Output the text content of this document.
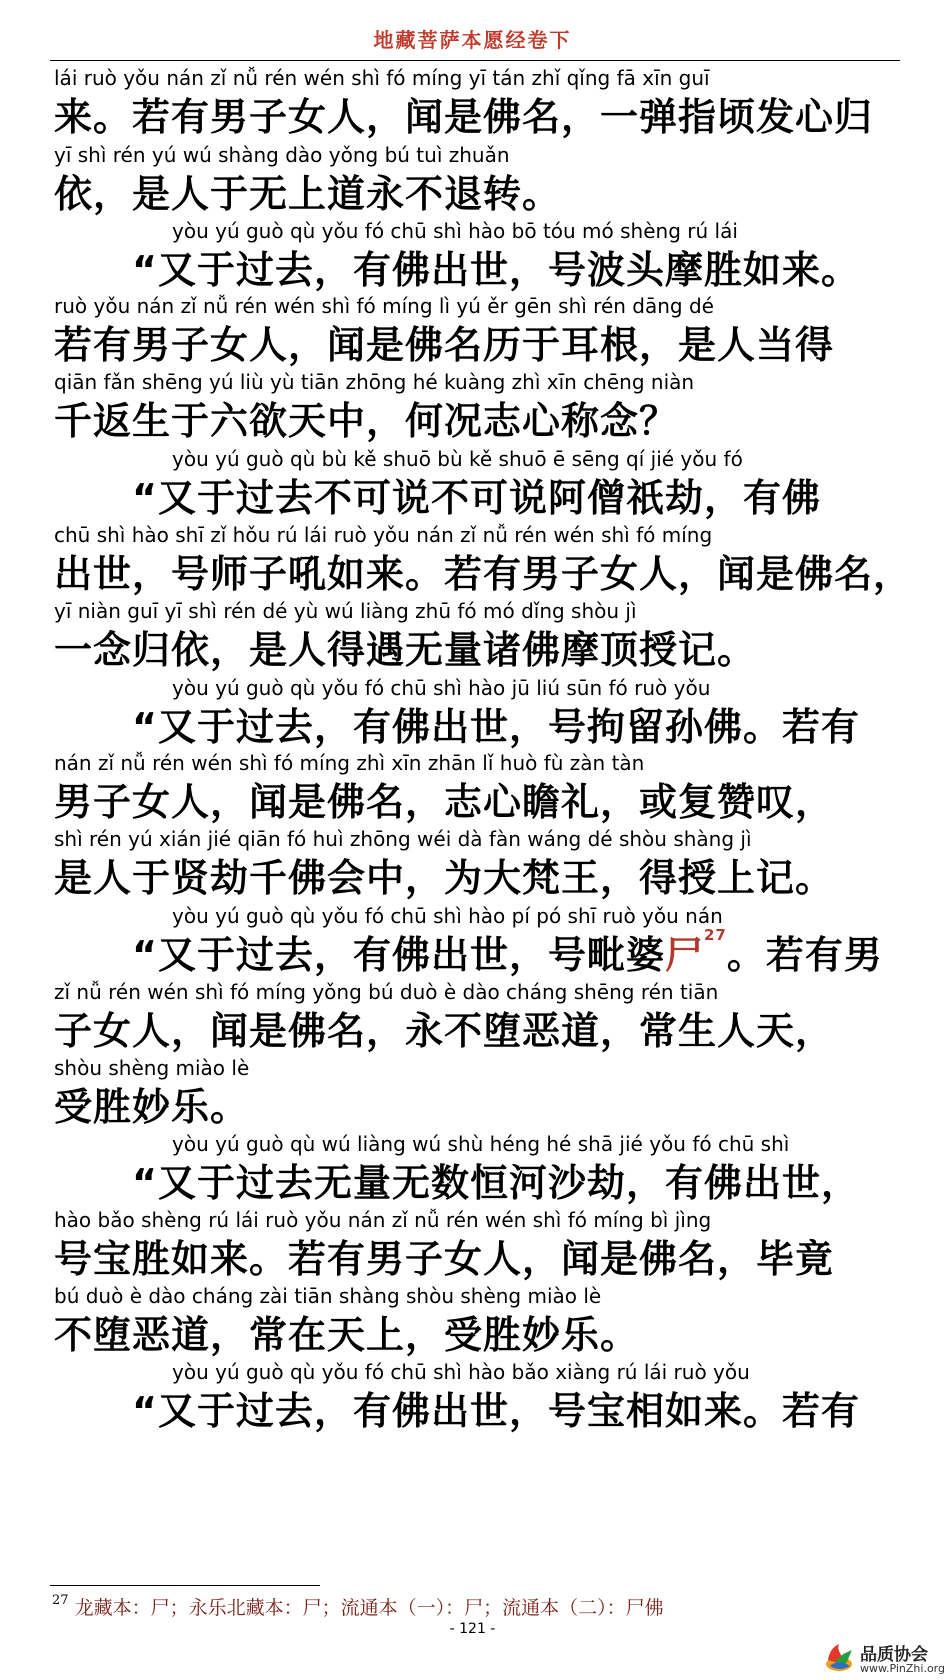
地藏菩萨本愿经卷下
lái ruò yǒu nán zǐ nǚ rén wén shì fó míng yī tán zhǐ qǐng fā xīn guī
来。若有男子女人，闻是佛名，一弹指顷发心归
yī shì rén yú wú shàng dào yǒng bú tuì zhuǎn
依，是人于无上道永不退转。
yòu yú guò qù yǒu fó chū shì hào bō tóu mó shèng rú lái
“又于过去，有佛出世，号波头摩胜如来。
ruò yǒu nán zǐ nǚ rén wén shì fó míng lì yú ěr gēn shì rén dāng dé
若有男子女人，闻是佛名历于耳根，是人当得
qiān fǎn shēng yú liù yù tiān zhōng hé kuàng zhì xīn chēng niàn
千返生于六欲天中，何况志心称念？
yòu yú guò qù bù kě shuō bù kě shuō ē sēng qí jié yǒu fó
“又于过去不可说不可说阿僧祇劫，有佛
chū shì hào shī zǐ hǒu rú lái ruò yǒu nán zǐ nǚ rén wén shì fó míng
出世，号师子吼如来。若有男子女人，闻是佛名，
yī niàn guī yī shì rén dé yù wú liàng zhū fó mó dǐng shòu jì
一念归依，是人得遇无量诸佛摩顶授记。
yòu yú guò qù yǒu fó chū shì hào jū liú sūn fó ruò yǒu
“又于过去，有佛出世，号拘留孙佛。若有
nán zǐ nǚ rén wén shì fó míng zhì xīn zhān lǐ huò fù zàn tàn
男子女人，闻是佛名，志心瞻礼，或复赞叹，
shì rén yú xián jié qiān fó huì zhōng wéi dà fàn wáng dé shòu shàng jì
是人于贤劫千佛会中，为大梵王，得授上记。
yòu yú guò qù yǒu fó chū shì hào pí pó shī ruò yǒu nán
“又于过去，有佛出世，号毗婆尸$^{27}$。若有男
zǐ nǚ rén wén shì fó míng yǒng bú duò è dào cháng shēng rén tiān
子女人，闻是佛名，永不堕恶道，常生人天，
shòu shèng miào lè
受胜妙乐。
yòu yú guò qù wú liàng wú shù héng hé shā jié yǒu fó chū shì
“又于过去无量无数恒河沙劫，有佛出世，
hào bǎo shèng rú lái ruò yǒu nán zǐ nǚ rén wén shì fó míng bì jìng
号宝胜如来。若有男子女人，闻是佛名，毕竟
bú duò è dào cháng zài tiān shàng shòu shèng miào lè
不堕恶道，常在天上，受胜妙乐。
yòu yú guò qù yǒu fó chū shì hào bǎo xiàng rú lái ruò yǒu
“又于过去，有佛出世，号宝相如来。若有
$^{27}$ 龙藏本：尸；永乐北藏本：尸；流通本（一）：尸；流通本（二）：尸佛
- 121 -
品质协会
www.PinZhi.org
